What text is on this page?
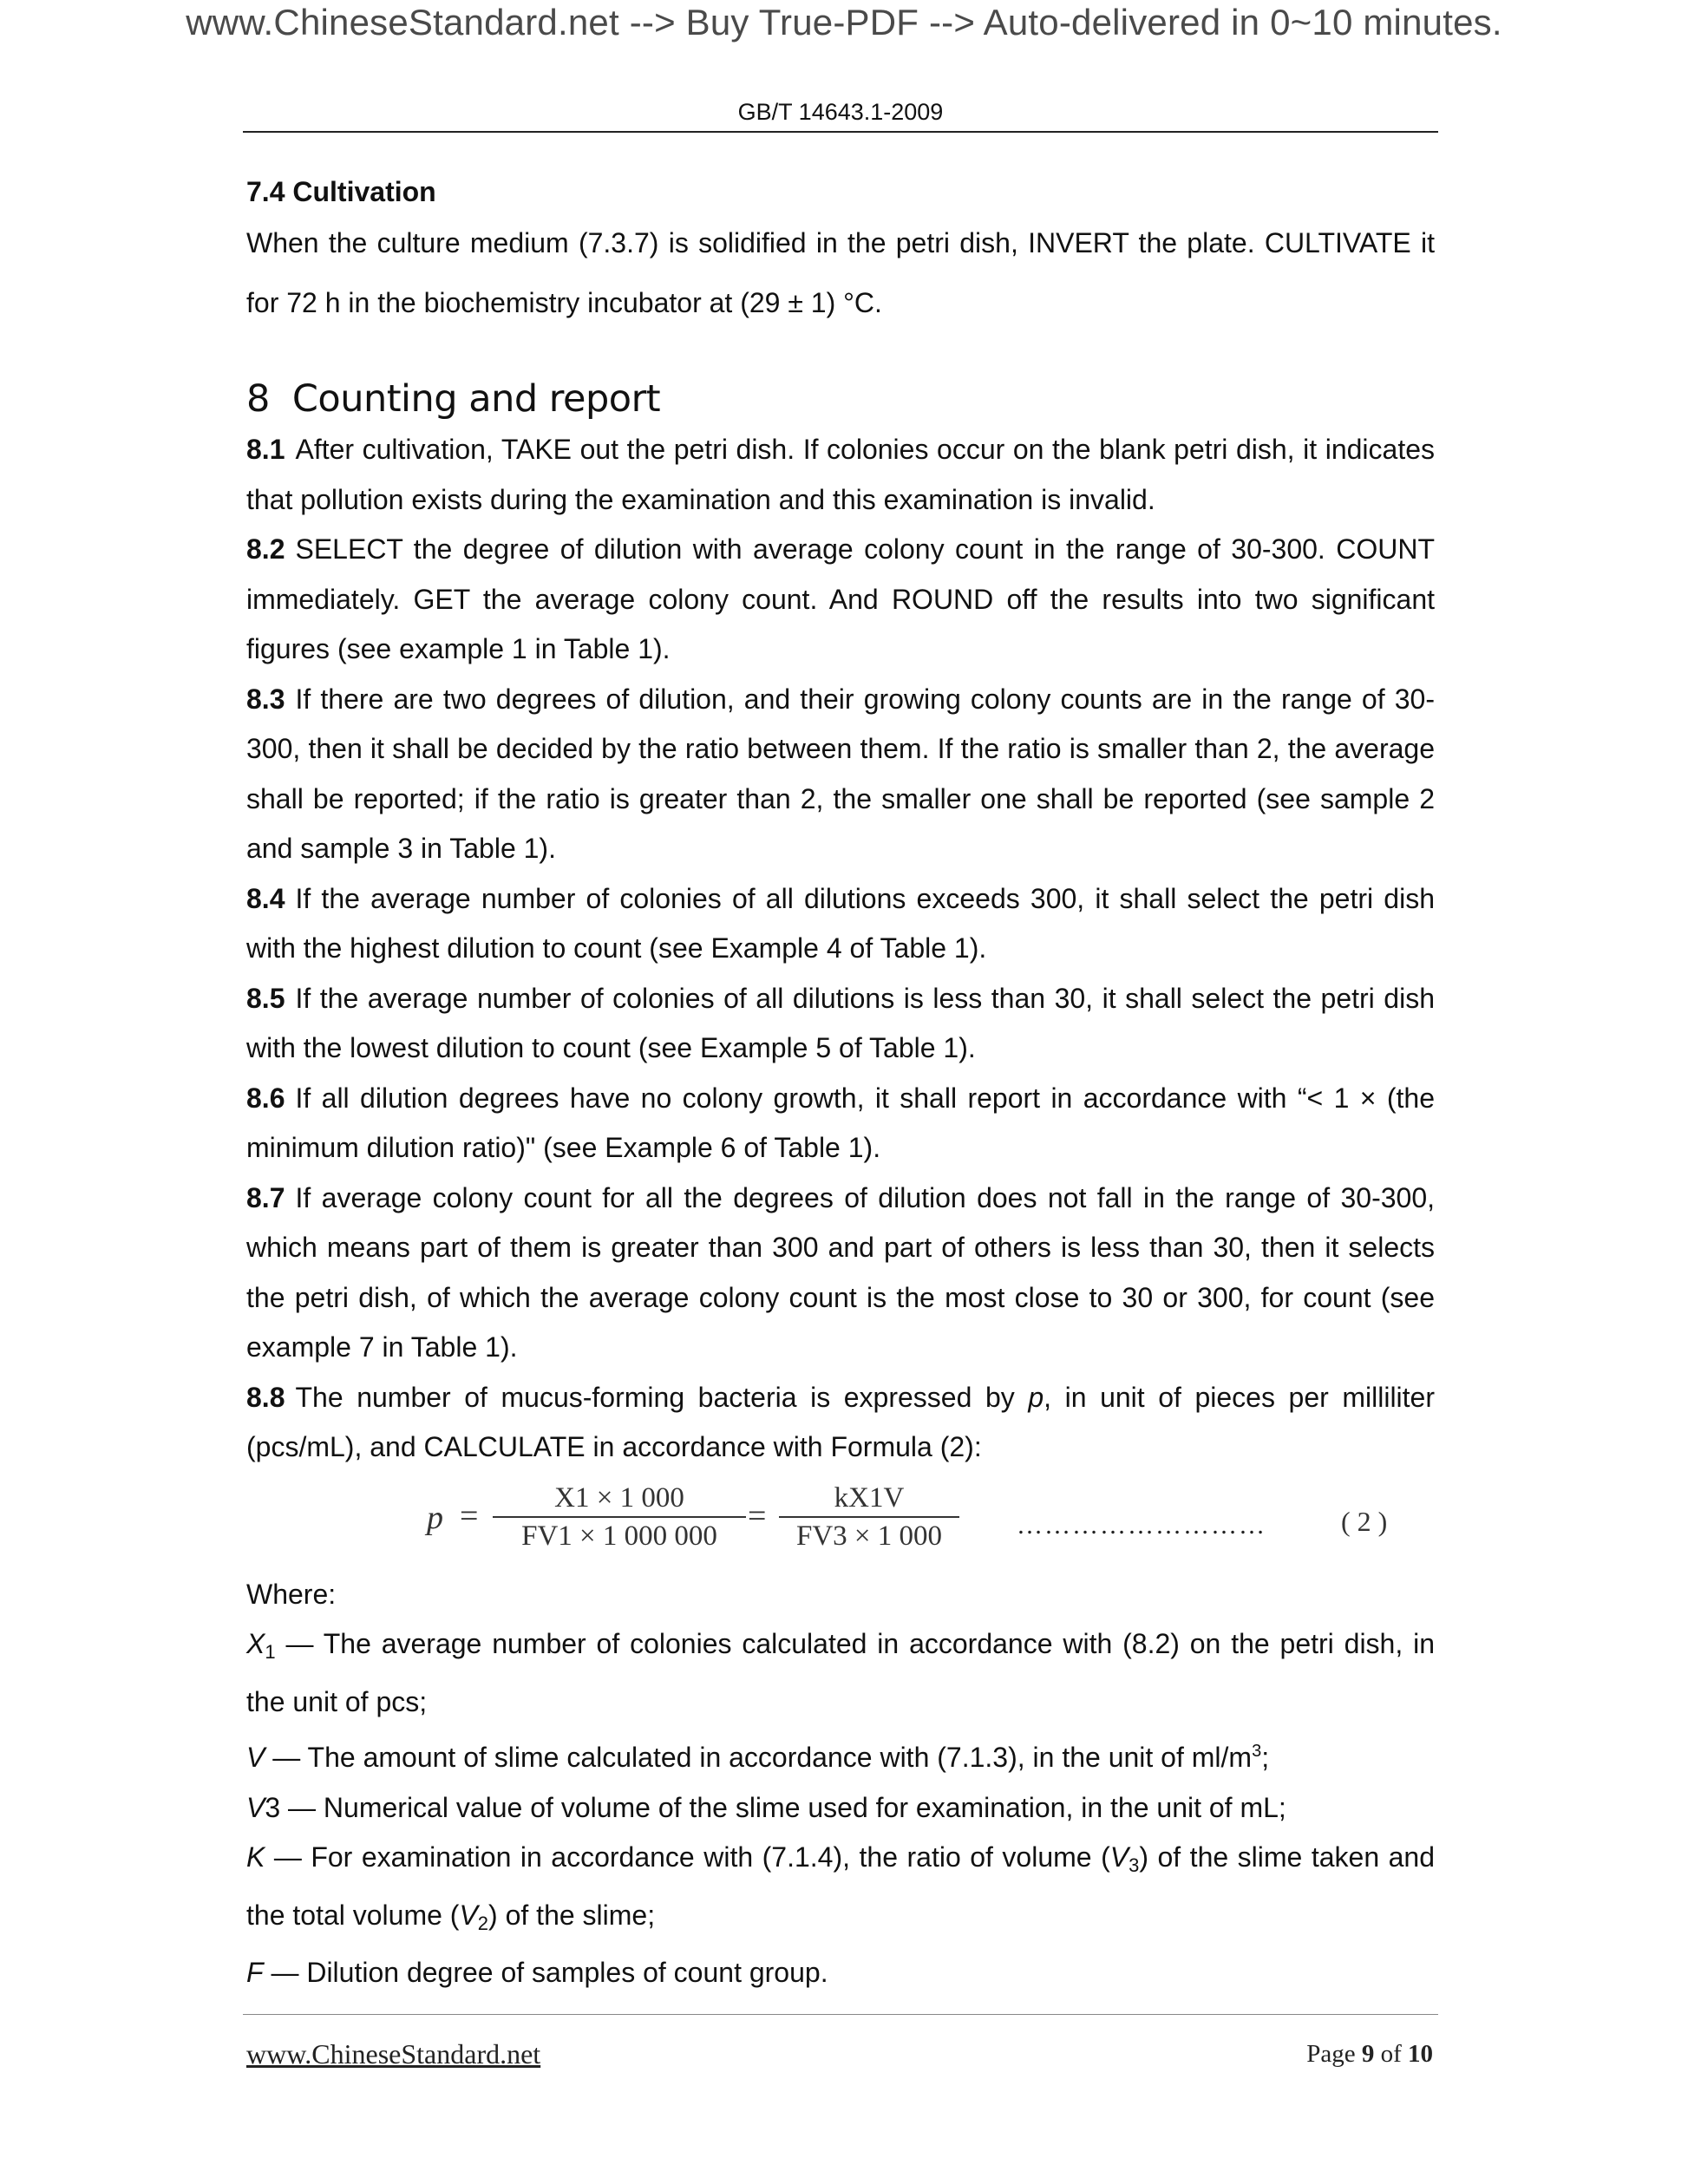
www.ChineseStandard.net --> Buy True-PDF --> Auto-delivered in 0~10 minutes.
GB/T 14643.1-2009

7.4 Cultivation

When the culture medium (7.3.7) is solidified in the petri dish, INVERT the plate. CULTIVATE it for 72 h in the biochemistry incubator at (29 ± 1) °C.

8 Counting and report

8.1 After cultivation, TAKE out the petri dish. If colonies occur on the blank petri dish, it indicates that pollution exists during the examination and this examination is invalid.

8.2 SELECT the degree of dilution with average colony count in the range of 30-300. COUNT immediately. GET the average colony count. And ROUND off the results into two significant figures (see example 1 in Table 1).

8.3 If there are two degrees of dilution, and their growing colony counts are in the range of 30-300, then it shall be decided by the ratio between them. If the ratio is smaller than 2, the average shall be reported; if the ratio is greater than 2, the smaller one shall be reported (see sample 2 and sample 3 in Table 1).

8.4 If the average number of colonies of all dilutions exceeds 300, it shall select the petri dish with the highest dilution to count (see Example 4 of Table 1).

8.5 If the average number of colonies of all dilutions is less than 30, it shall select the petri dish with the lowest dilution to count (see Example 5 of Table 1).

8.6 If all dilution degrees have no colony growth, it shall report in accordance with “< 1 × (the minimum dilution ratio)" (see Example 6 of Table 1).

8.7 If average colony count for all the degrees of dilution does not fall in the range of 30-300, which means part of them is greater than 300 and part of others is less than 30, then it selects the petri dish, of which the average colony count is the most close to 30 or 300, for count (see example 7 in Table 1).

8.8 The number of mucus-forming bacteria is expressed by p, in unit of pieces per milliliter (pcs/mL), and CALCULATE in accordance with Formula (2):

$p = \frac{X1 \times 1 000}{FV1 \times 1 000 000} = \frac{kX1V}{FV3 \times 1 000}$ ………………………	( 2 )

Where:

$X_1$ — The average number of colonies calculated in accordance with (8.2) on the petri dish, in the unit of pcs;

V — The amount of slime calculated in accordance with (7.1.3), in the unit of $ml/m^3$;

V3 — Numerical value of volume of the slime used for examination, in the unit of mL;

K — For examination in accordance with (7.1.4), the ratio of volume $(V_3)$ of the slime taken and the total volume $(V_2)$ of the slime;

F — Dilution degree of samples of count group.

www.ChineseStandard.net	Page 9 of 10
